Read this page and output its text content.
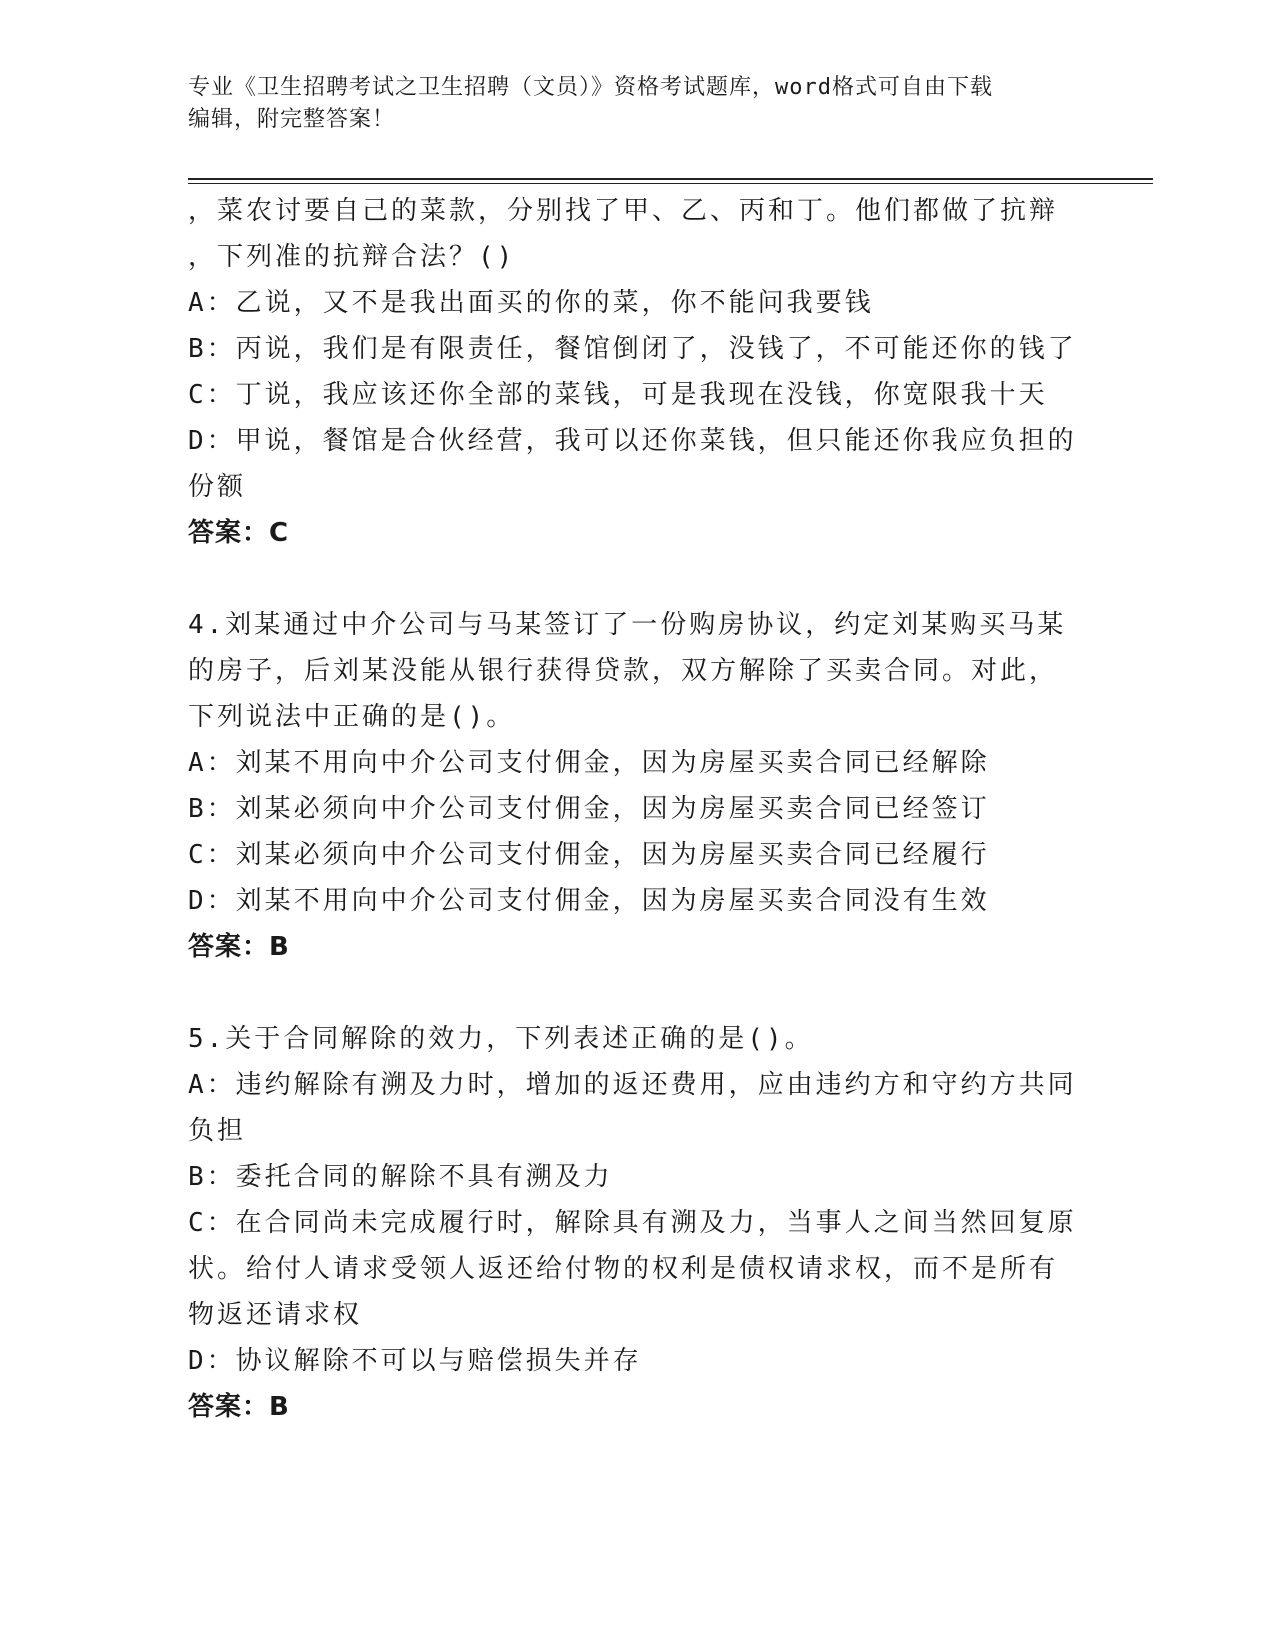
专业《卫生招聘考试之卫生招聘（文员）》资格考试题库，word格式可自由下载
编辑，附完整答案！
，菜农讨要自己的菜款，分别找了甲、乙、丙和丁。他们都做了抗辩
，下列准的抗辩合法？()
A：乙说，又不是我出面买的你的菜，你不能问我要钱
B：丙说，我们是有限责任，餐馆倒闭了，没钱了，不可能还你的钱了
C：丁说，我应该还你全部的菜钱，可是我现在没钱，你宽限我十天
D：甲说，餐馆是合伙经营，我可以还你菜钱，但只能还你我应负担的
份额
答案：C
4.刘某通过中介公司与马某签订了一份购房协议，约定刘某购买马某
的房子，后刘某没能从银行获得贷款，双方解除了买卖合同。对此，
下列说法中正确的是()。
A：刘某不用向中介公司支付佣金，因为房屋买卖合同已经解除
B：刘某必须向中介公司支付佣金，因为房屋买卖合同已经签订
C：刘某必须向中介公司支付佣金，因为房屋买卖合同已经履行
D：刘某不用向中介公司支付佣金，因为房屋买卖合同没有生效
答案：B
5.关于合同解除的效力，下列表述正确的是()。
A：违约解除有溯及力时，增加的返还费用，应由违约方和守约方共同
负担
B：委托合同的解除不具有溯及力
C：在合同尚未完成履行时，解除具有溯及力，当事人之间当然回复原
状。给付人请求受领人返还给付物的权利是债权请求权，而不是所有
物返还请求权
D：协议解除不可以与赔偿损失并存
答案：B
